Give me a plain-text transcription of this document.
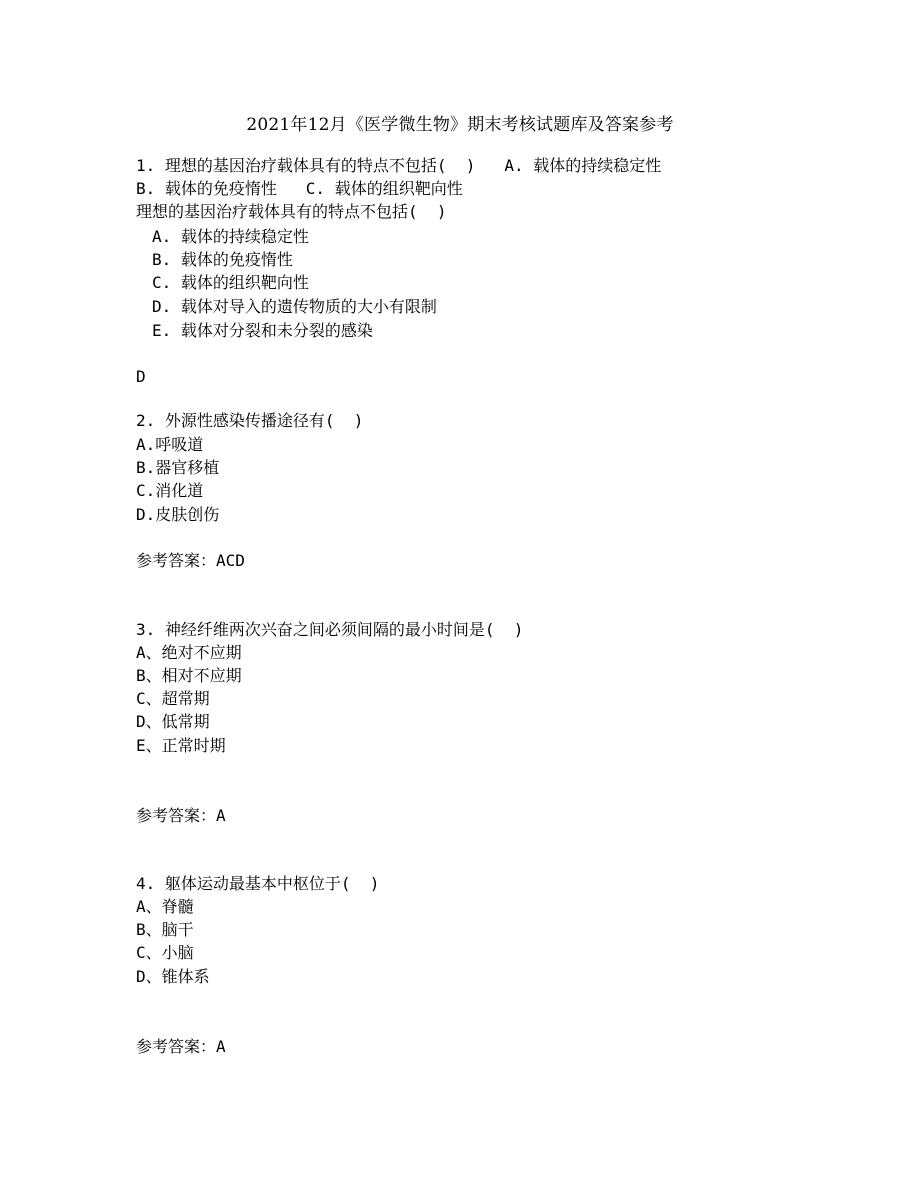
2021年12月《医学微生物》期末考核试题库及答案参考
1. 理想的基因治疗载体具有的特点不包括(  )   A. 载体的持续稳定性
B. 载体的免疫惰性   C. 载体的组织靶向性
理想的基因治疗载体具有的特点不包括(  )
A. 载体的持续稳定性
B. 载体的免疫惰性
C. 载体的组织靶向性
D. 载体对导入的遗传物质的大小有限制
E. 载体对分裂和未分裂的感染
D
2. 外源性感染传播途径有(  )
A.呼吸道
B.器官移植
C.消化道
D.皮肤创伤
参考答案：ACD
3. 神经纤维两次兴奋之间必须间隔的最小时间是(  )
A、绝对不应期
B、相对不应期
C、超常期
D、低常期
E、正常时期
参考答案：A
4. 躯体运动最基本中枢位于(  )
A、脊髓
B、脑干
C、小脑
D、锥体系
参考答案：A
